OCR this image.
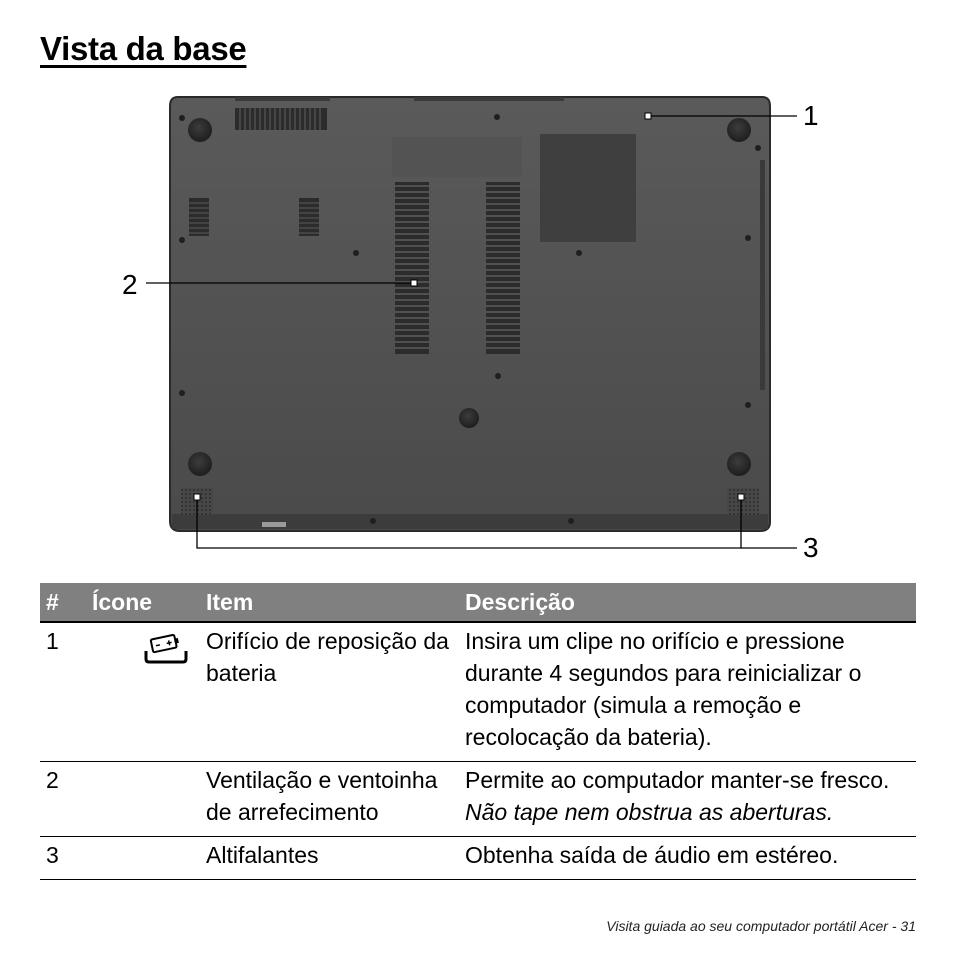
Vista da base
1
2
3
#	Ícone	Item	Descrição
1		Orifício de reposição da bateria	Insira um clipe no orifício e pressione durante 4 segundos para reinicializar o computador (simula a remoção e recolocação da bateria).
2		Ventilação e ventoinha de arrefecimento	Permite ao computador manter-se fresco.
Não tape nem obstrua as aberturas.

3		Altifalantes	Obtenha saída de áudio em estéreo.
Visita guiada ao seu computador portátil Acer - 31
